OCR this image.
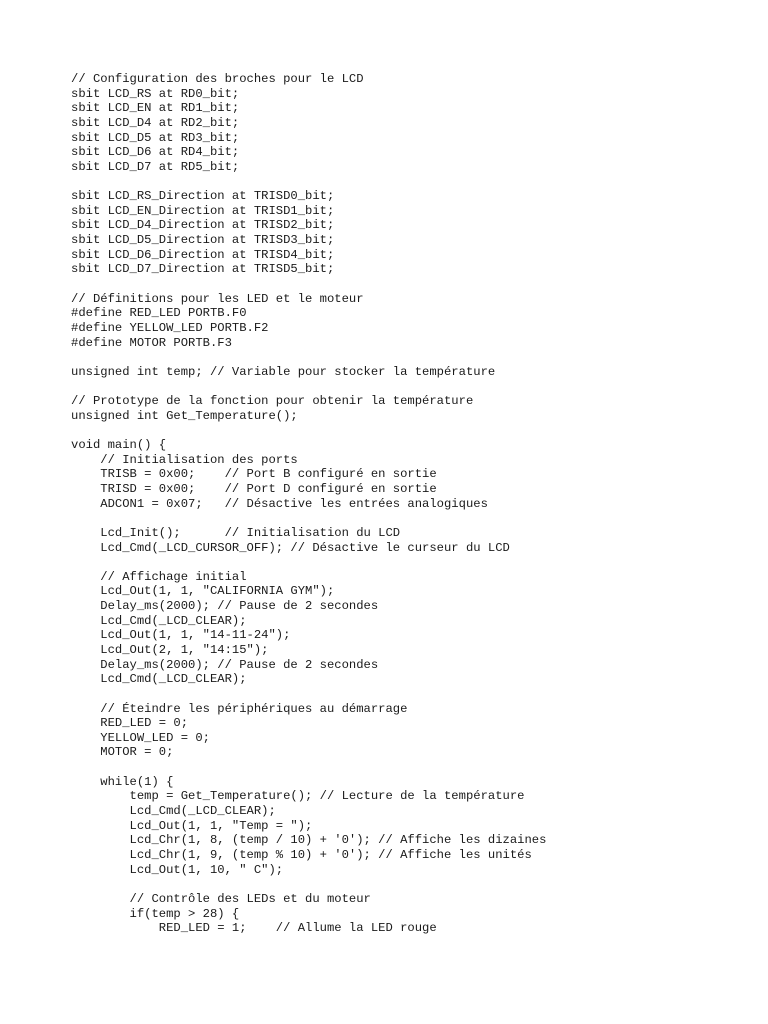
// Configuration des broches pour le LCD
sbit LCD_RS at RD0_bit;
sbit LCD_EN at RD1_bit;
sbit LCD_D4 at RD2_bit;
sbit LCD_D5 at RD3_bit;
sbit LCD_D6 at RD4_bit;
sbit LCD_D7 at RD5_bit;
sbit LCD_RS_Direction at TRISD0_bit;
sbit LCD_EN_Direction at TRISD1_bit;
sbit LCD_D4_Direction at TRISD2_bit;
sbit LCD_D5_Direction at TRISD3_bit;
sbit LCD_D6_Direction at TRISD4_bit;
sbit LCD_D7_Direction at TRISD5_bit;
// Définitions pour les LED et le moteur
#define RED_LED PORTB.F0
#define YELLOW_LED PORTB.F2
#define MOTOR PORTB.F3
unsigned int temp; // Variable pour stocker la température
// Prototype de la fonction pour obtenir la température
unsigned int Get_Temperature();
void main() {
// Initialisation des ports
TRISB = 0x00;    // Port B configuré en sortie
TRISD = 0x00;    // Port D configuré en sortie
ADCON1 = 0x07;   // Désactive les entrées analogiques
Lcd_Init();      // Initialisation du LCD
Lcd_Cmd(_LCD_CURSOR_OFF); // Désactive le curseur du LCD
// Affichage initial
Lcd_Out(1, 1, "CALIFORNIA GYM");
Delay_ms(2000); // Pause de 2 secondes
Lcd_Cmd(_LCD_CLEAR);
Lcd_Out(1, 1, "14-11-24");
Lcd_Out(2, 1, "14:15");
Delay_ms(2000); // Pause de 2 secondes
Lcd_Cmd(_LCD_CLEAR);
// Éteindre les périphériques au démarrage
RED_LED = 0;
YELLOW_LED = 0;
MOTOR = 0;
while(1) {
temp = Get_Temperature(); // Lecture de la température
Lcd_Cmd(_LCD_CLEAR);
Lcd_Out(1, 1, "Temp = ");
Lcd_Chr(1, 8, (temp / 10) + '0'); // Affiche les dizaines
Lcd_Chr(1, 9, (temp % 10) + '0'); // Affiche les unités
Lcd_Out(1, 10, " C");
// Contrôle des LEDs et du moteur
if(temp > 28) {
RED_LED = 1;    // Allume la LED rouge
